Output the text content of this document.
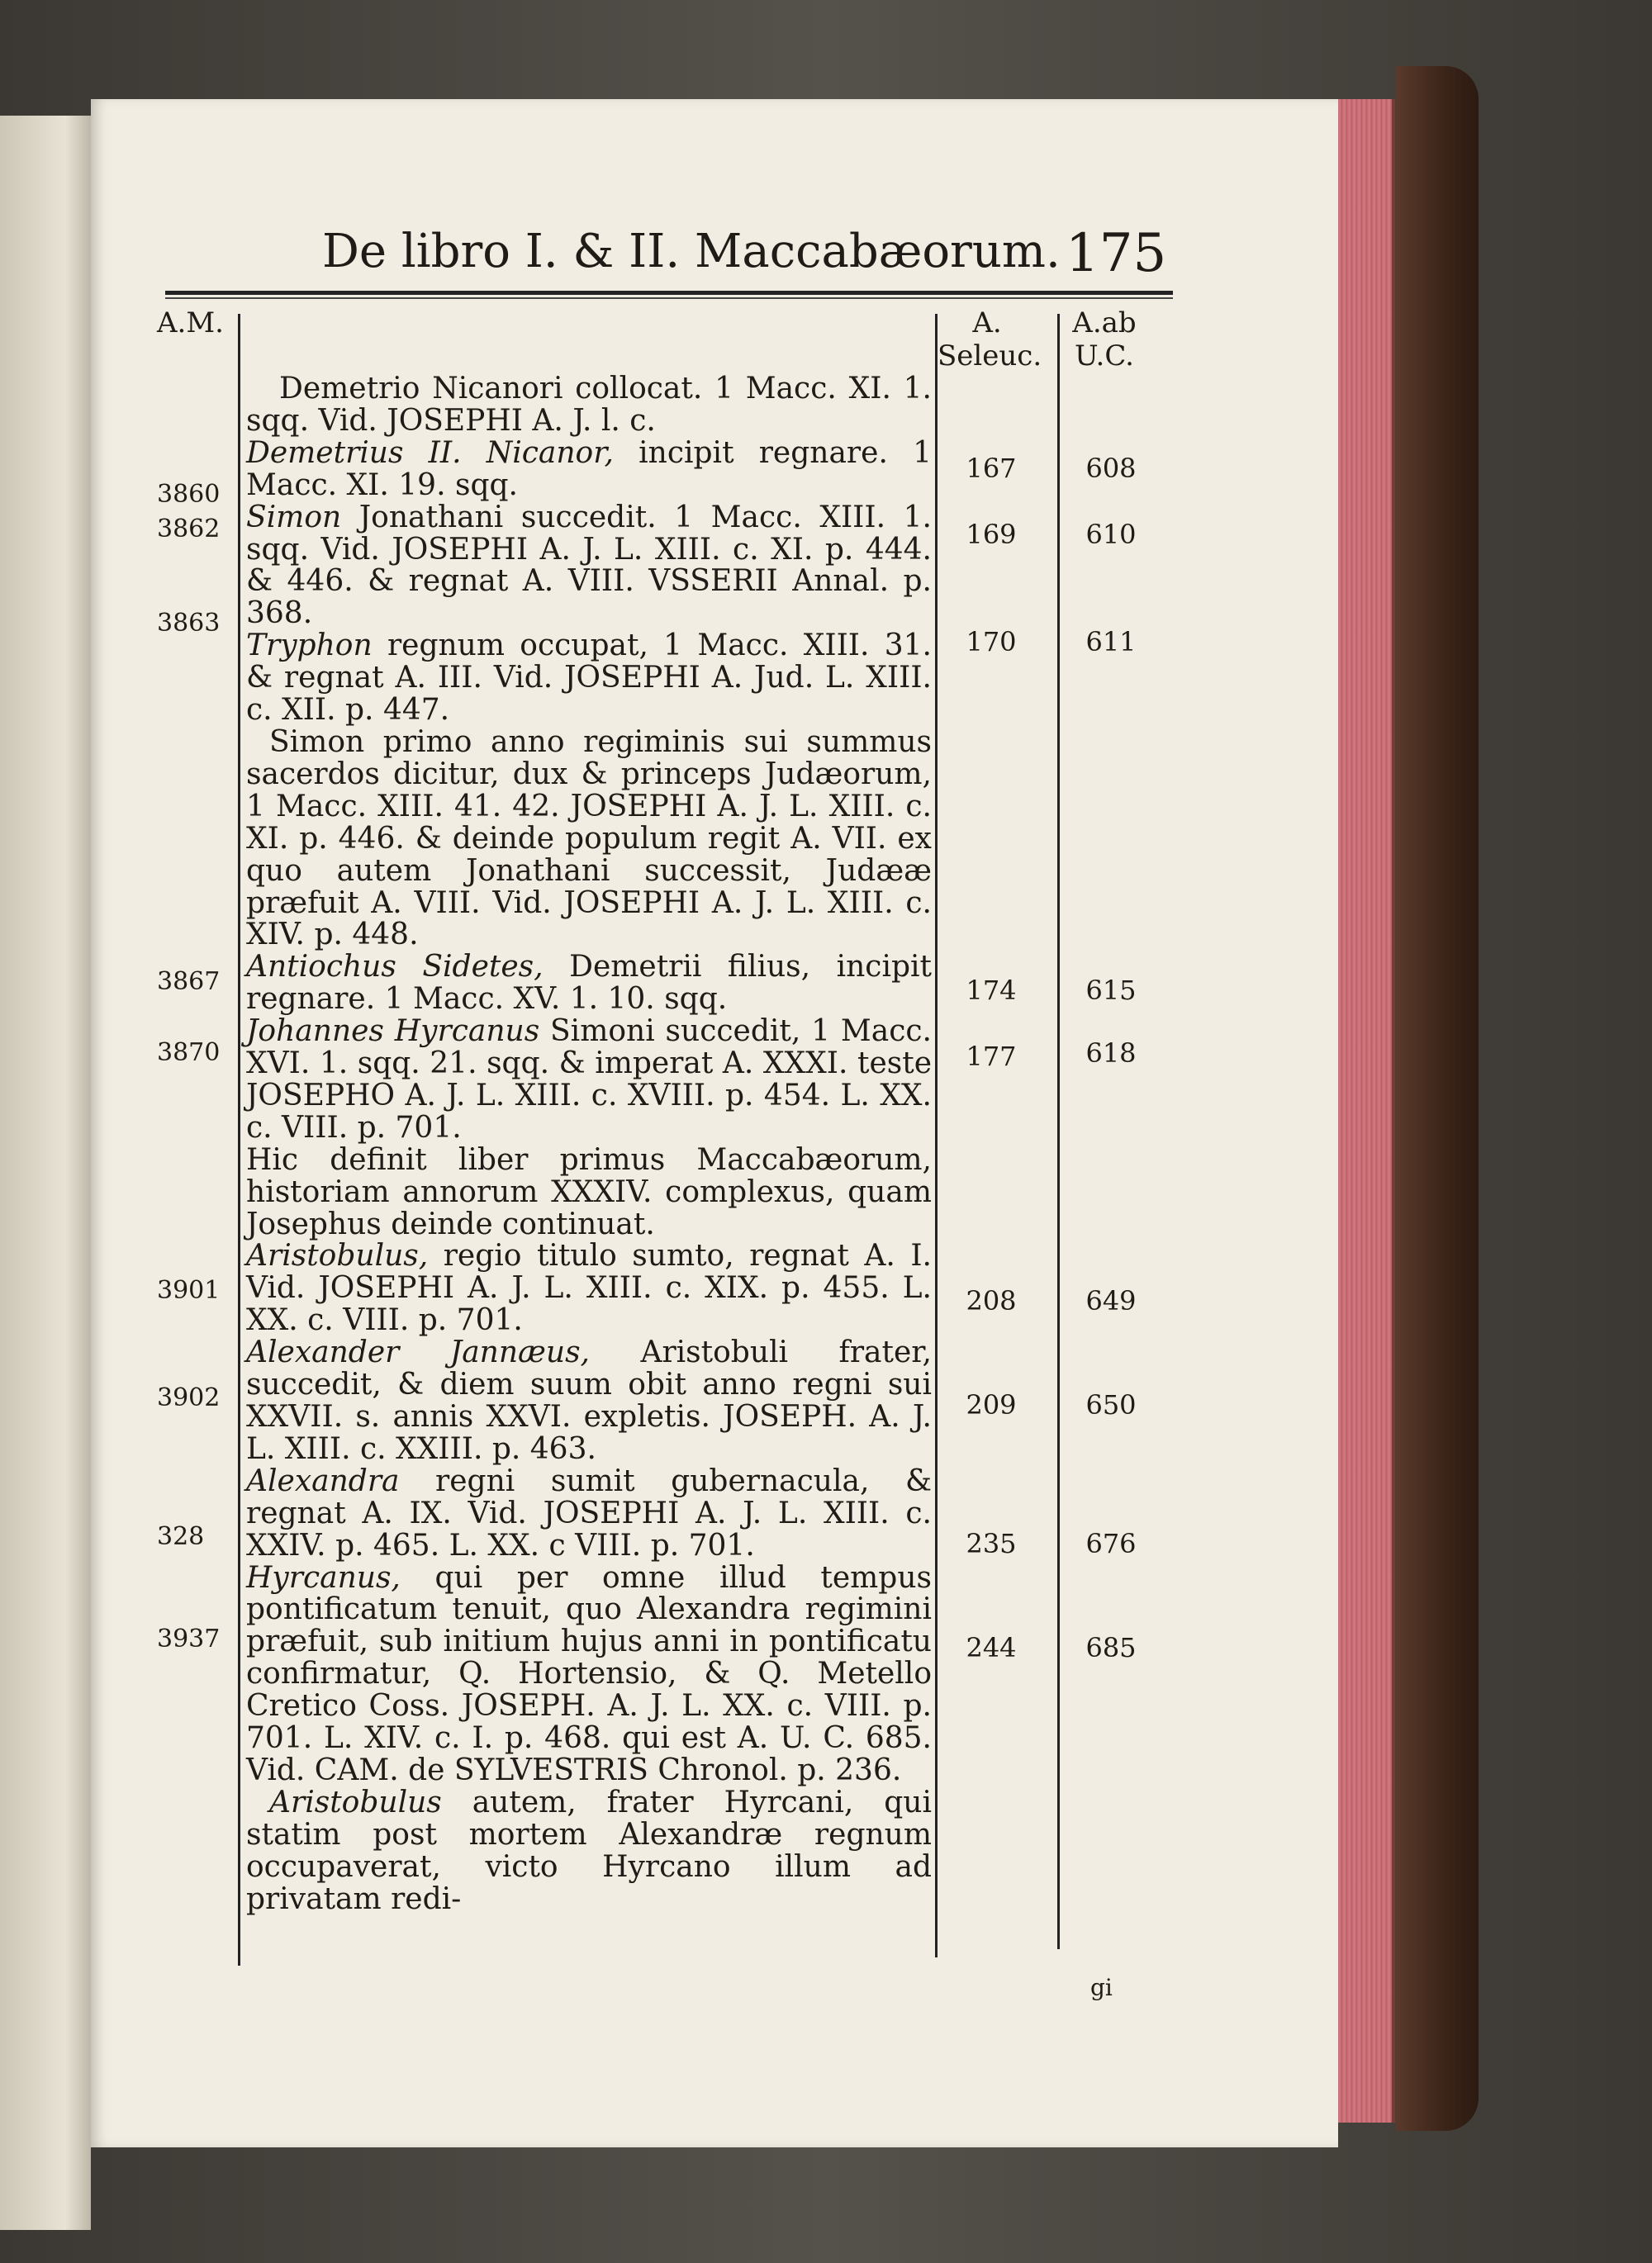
De libro I. & II. Maccabæorum. 175
A.M.	A.
Seleuc.
A.ab
U.C.
3860
3862
3863
3867
3870
3901
3902
328
3937
167
169
170
174
177
208
209
235
244
608
610
611
615
618
649
650
676
685

Demetrio Nicanori collocat. 1 Macc. XI. 1. sqq. Vid. JOSEPHI A. J. l. c.

Demetrius II. Nicanor, incipit regnare. 1 Macc. XI. 19. sqq.

Simon Jonathani succedit. 1 Macc. XIII. 1. sqq. Vid. JOSEPHI A. J. L. XIII. c. XI. p. 444. & 446. & regnat A. VIII. VSSERII Annal. p. 368.

Tryphon regnum occupat, 1 Macc. XIII. 31. & regnat A. III. Vid. JOSEPHI A. Jud. L. XIII. c. XII. p. 447.

Simon primo anno regiminis sui summus sacerdos dicitur, dux & princeps Judæorum, 1 Macc. XIII. 41. 42. JOSEPHI A. J. L. XIII. c. XI. p. 446. & deinde populum regit A. VII. ex quo autem Jonathani successit, Judææ præfuit A. VIII. Vid. JOSEPHI A. J. L. XIII. c. XIV. p. 448.

Antiochus Sidetes, Demetrii filius, incipit regnare. 1 Macc. XV. 1. 10. sqq.

Johannes Hyrcanus Simoni succedit, 1 Macc. XVI. 1. sqq. 21. sqq. & imperat A. XXXI. teste JOSEPHO A. J. L. XIII. c. XVIII. p. 454. L. XX. c. VIII. p. 701.

Hic definit liber primus Maccabæorum, historiam annorum XXXIV. complexus, quam Josephus deinde continuat.

Aristobulus, regio titulo sumto, regnat A. I. Vid. JOSEPHI A. J. L. XIII. c. XIX. p. 455. L. XX. c. VIII. p. 701.

Alexander Jannæus, Aristobuli frater, succedit, & diem suum obit anno regni sui XXVII. s. annis XXVI. expletis. JOSEPH. A. J. L. XIII. c. XXIII. p. 463.

Alexandra regni sumit gubernacula, & regnat A. IX. Vid. JOSEPHI A. J. L. XIII. c. XXIV. p. 465. L. XX. c VIII. p. 701.

Hyrcanus, qui per omne illud tempus pontificatum tenuit, quo Alexandra regimini præfuit, sub initium hujus anni in pontificatu confirmatur, Q. Hortensio, & Q. Metello Cretico Coss. JOSEPH. A. J. L. XX. c. VIII. p. 701. L. XIV. c. I. p. 468. qui est A. U. C. 685. Vid. CAM. de SYLVESTRIS Chronol. p. 236.

Aristobulus autem, frater Hyrcani, qui statim post mortem Alexandræ regnum occupaverat, victo Hyrcano illum ad privatam redi-

gi
